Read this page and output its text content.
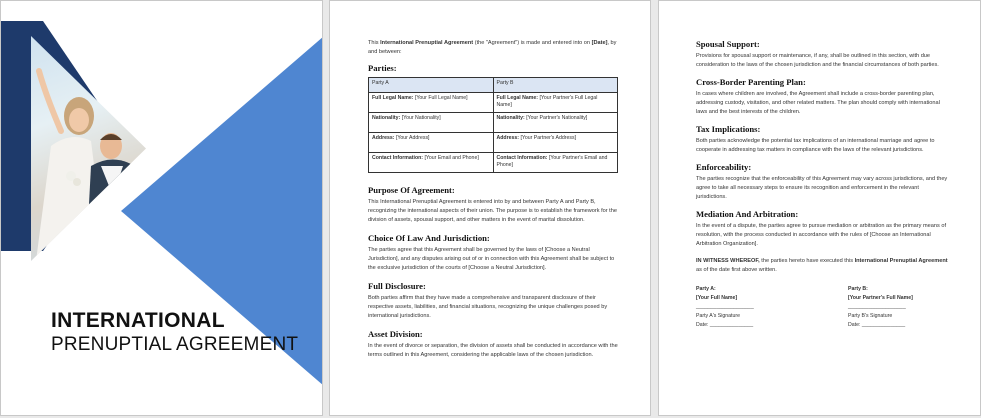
INTERNATIONAL
PRENUPTIAL AGREEMENT

This International Prenuptial Agreement (the "Agreement") is made and entered into on [Date], by and between:

Parties:
Party A	Party B
Full Legal Name: [Your Full Legal Name]	Full Legal Name: [Your Partner's Full Legal Name]
Nationality: [Your Nationality]	Nationality: [Your Partner's Nationality]
Address: [Your Address]	Address: [Your Partner's Address]
Contact Information: [Your Email and Phone]	Contact Information: [Your Partner's Email and Phone]
Purpose Of Agreement:

This International Prenuptial Agreement is entered into by and between Party A and Party B, recognizing the international aspects of their union. The purpose is to establish the framework for the division of assets, spousal support, and other matters in the event of marital dissolution.

Choice Of Law And Jurisdiction:

The parties agree that this Agreement shall be governed by the laws of [Choose a Neutral Jurisdiction], and any disputes arising out of or in connection with this Agreement shall be subject to the exclusive jurisdiction of the courts of [Choose a Neutral Jurisdiction].

Full Disclosure:

Both parties affirm that they have made a comprehensive and transparent disclosure of their respective assets, liabilities, and financial situations, recognizing the unique challenges posed by international jurisdictions.

Asset Division:

In the event of divorce or separation, the division of assets shall be conducted in accordance with the terms outlined in this Agreement, considering the applicable laws of the chosen jurisdiction.

Spousal Support:

Provisions for spousal support or maintenance, if any, shall be outlined in this section, with due consideration to the laws of the chosen jurisdiction and the financial circumstances of both parties.

Cross-Border Parenting Plan:

In cases where children are involved, the Agreement shall include a cross-border parenting plan, addressing custody, visitation, and other related matters. The plan should comply with international laws and the best interests of the children.

Tax Implications:

Both parties acknowledge the potential tax implications of an international marriage and agree to cooperate in addressing tax matters in compliance with the laws of the relevant jurisdictions.

Enforceability:

The parties recognize that the enforceability of this Agreement may vary across jurisdictions, and they agree to take all necessary steps to ensure its recognition and enforcement in the relevant jurisdictions.

Mediation And Arbitration:

In the event of a dispute, the parties agree to pursue mediation or arbitration as the primary means of resolution, with the process conducted in accordance with the rules of [Choose an International Arbitration Organization].

IN WITNESS WHEREOF, the parties hereto have executed this International Prenuptial Agreement as of the date first above written.

Party A:
[Your Full Name]
____________________
Party A's Signature
Date: _______________
Party B:
[Your Partner's Full Name]
____________________
Party B's Signature
Date: _______________
